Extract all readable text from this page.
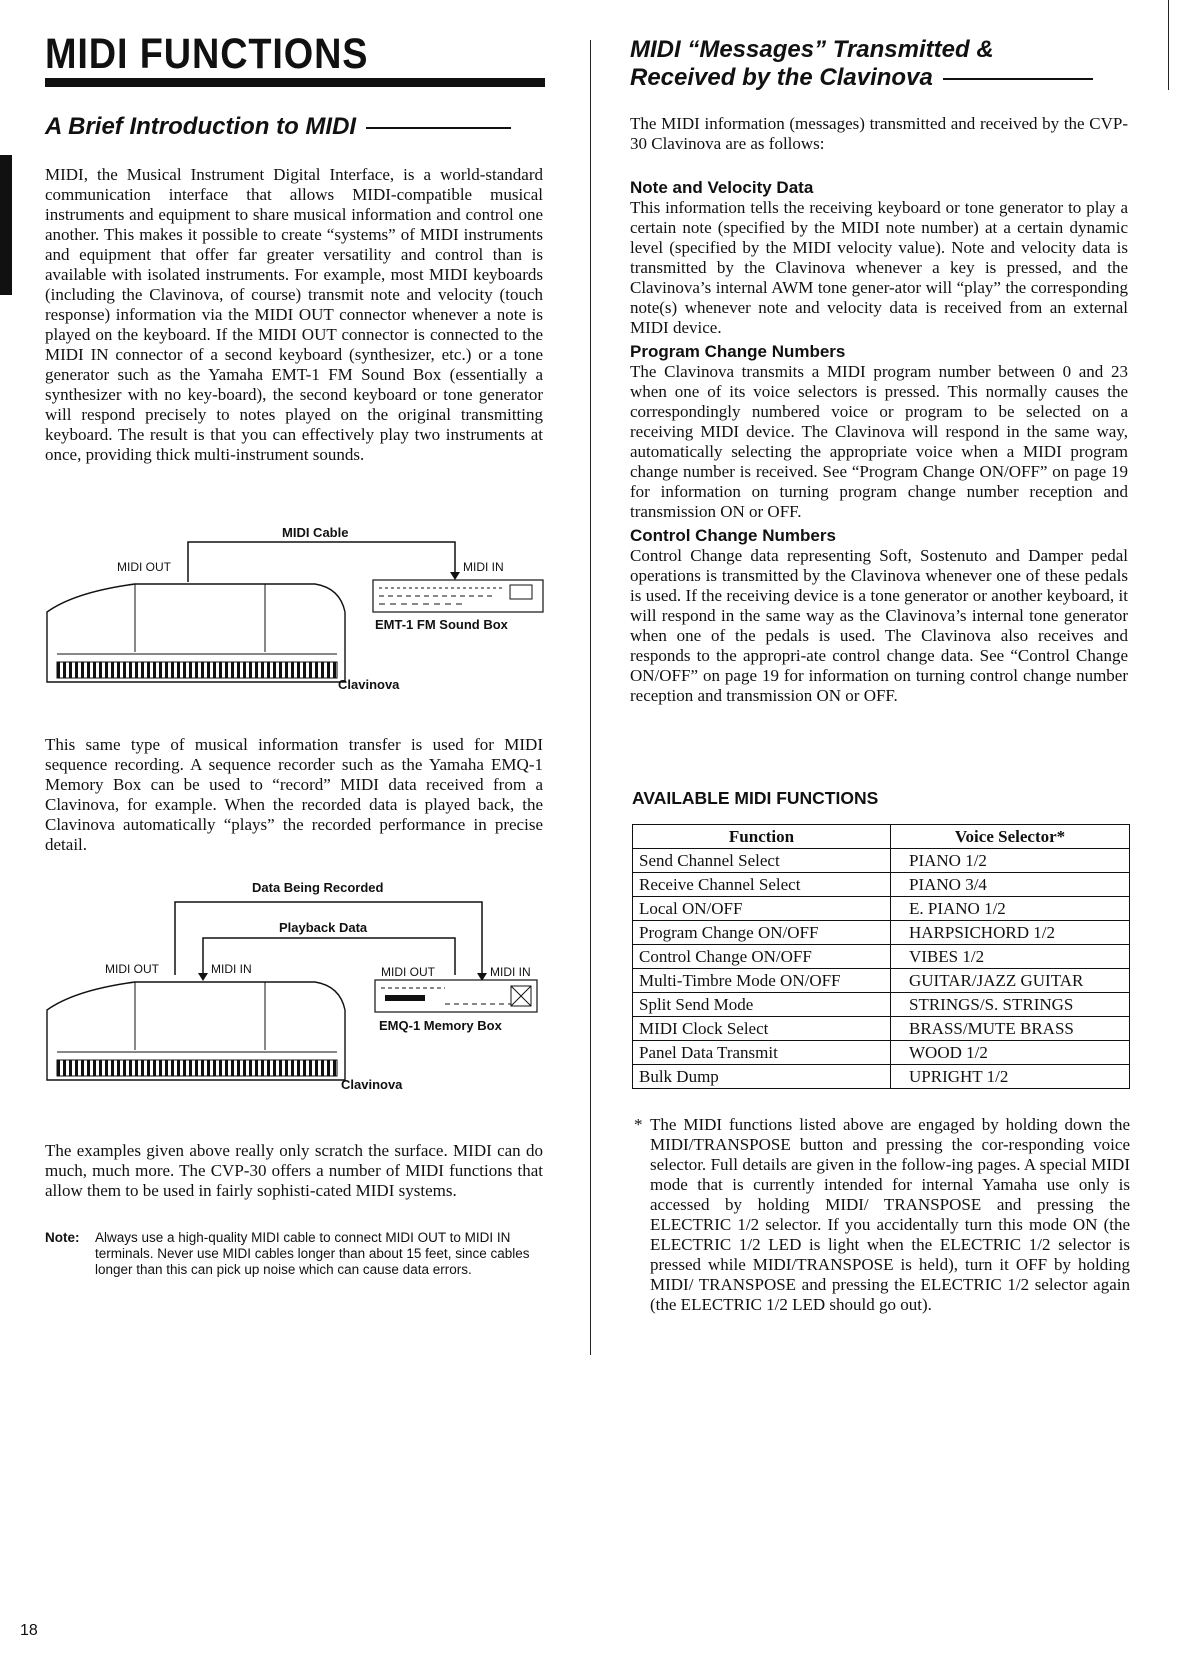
MIDI FUNCTIONS
A Brief Introduction to MIDI

MIDI, the Musical Instrument Digital Interface, is a world-standard communication interface that allows MIDI-compatible musical instruments and equipment to share musical information and control one another. This makes it possible to create “systems” of MIDI instruments and equipment that offer far greater versatility and control than is available with isolated instruments. For example, most MIDI keyboards (including the Clavinova, of course) transmit note and velocity (touch response) information via the MIDI OUT connector whenever a note is played on the keyboard. If the MIDI OUT connector is connected to the MIDI IN connector of a second keyboard (synthesizer, etc.) or a tone generator such as the Yamaha EMT-1 FM Sound Box (essentially a synthesizer with no key-board), the second keyboard or tone generator will respond precisely to notes played on the original transmitting keyboard. The result is that you can effectively play two instruments at once, providing thick multi-instrument sounds.

MIDI Cable
MIDI OUT	MIDI IN
EMT-1 FM Sound Box
Clavinova

This same type of musical information transfer is used for MIDI sequence recording. A sequence recorder such as the Yamaha EMQ-1 Memory Box can be used to “record” MIDI data received from a Clavinova, for example. When the recorded data is played back, the Clavinova automatically “plays” the recorded performance in precise detail.

Data Being Recorded
Playback Data
MIDI OUT	MIDI IN	MIDI OUT	MIDI IN
EMQ-1 Memory Box
Clavinova

The examples given above really only scratch the surface. MIDI can do much, much more. The CVP-30 offers a number of MIDI functions that allow them to be used in fairly sophisti-cated MIDI systems.

Note: Always use a high-quality MIDI cable to connect MIDI OUT to MIDI IN terminals. Never use MIDI cables longer than about 15 feet, since cables longer than this can pick up noise which can cause data errors.
18
MIDI “Messages” Transmitted &
Received by the Clavinova

The MIDI information (messages) transmitted and received by the CVP-30 Clavinova are as follows:

Note and Velocity Data

This information tells the receiving keyboard or tone generator to play a certain note (specified by the MIDI note number) at a certain dynamic level (specified by the MIDI velocity value). Note and velocity data is transmitted by the Clavinova whenever a key is pressed, and the Clavinova’s internal AWM tone gener-ator will “play” the corresponding note(s) whenever note and velocity data is received from an external MIDI device.

Program Change Numbers

The Clavinova transmits a MIDI program number between 0 and 23 when one of its voice selectors is pressed. This normally causes the correspondingly numbered voice or program to be selected on a receiving MIDI device. The Clavinova will respond in the same way, automatically selecting the appropriate voice when a MIDI program change number is received. See “Program Change ON/OFF” on page 19 for information on turning program change number reception and transmission ON or OFF.

Control Change Numbers

Control Change data representing Soft, Sostenuto and Damper pedal operations is transmitted by the Clavinova whenever one of these pedals is used. If the receiving device is a tone generator or another keyboard, it will respond in the same way as the Clavinova’s internal tone generator when one of the pedals is used. The Clavinova also receives and responds to the appropri-ate control change data. See “Control Change ON/OFF” on page 19 for information on turning control change number reception and transmission ON or OFF.

AVAILABLE MIDI FUNCTIONS
Function	Voice Selector*
Send Channel Select	PIANO 1/2
Receive Channel Select	PIANO 3/4
Local ON/OFF	E. PIANO 1/2
Program Change ON/OFF	HARPSICHORD 1/2
Control Change ON/OFF	VIBES 1/2
Multi-Timbre Mode ON/OFF	GUITAR/JAZZ GUITAR
Split Send Mode	STRINGS/S. STRINGS
MIDI Clock Select	BRASS/MUTE BRASS
Panel Data Transmit	WOOD 1/2
Bulk Dump	UPRIGHT 1/2
* The MIDI functions listed above are engaged by holding down the MIDI/TRANSPOSE button and pressing the cor-responding voice selector. Full details are given in the follow-ing pages. A special MIDI mode that is currently intended for internal Yamaha use only is accessed by holding MIDI/ TRANSPOSE and pressing the ELECTRIC 1/2 selector. If you accidentally turn this mode ON (the ELECTRIC 1/2 LED is light when the ELECTRIC 1/2 selector is pressed while MIDI/TRANSPOSE is held), turn it OFF by holding MIDI/ TRANSPOSE and pressing the ELECTRIC 1/2 selector again (the ELECTRIC 1/2 LED should go out).
